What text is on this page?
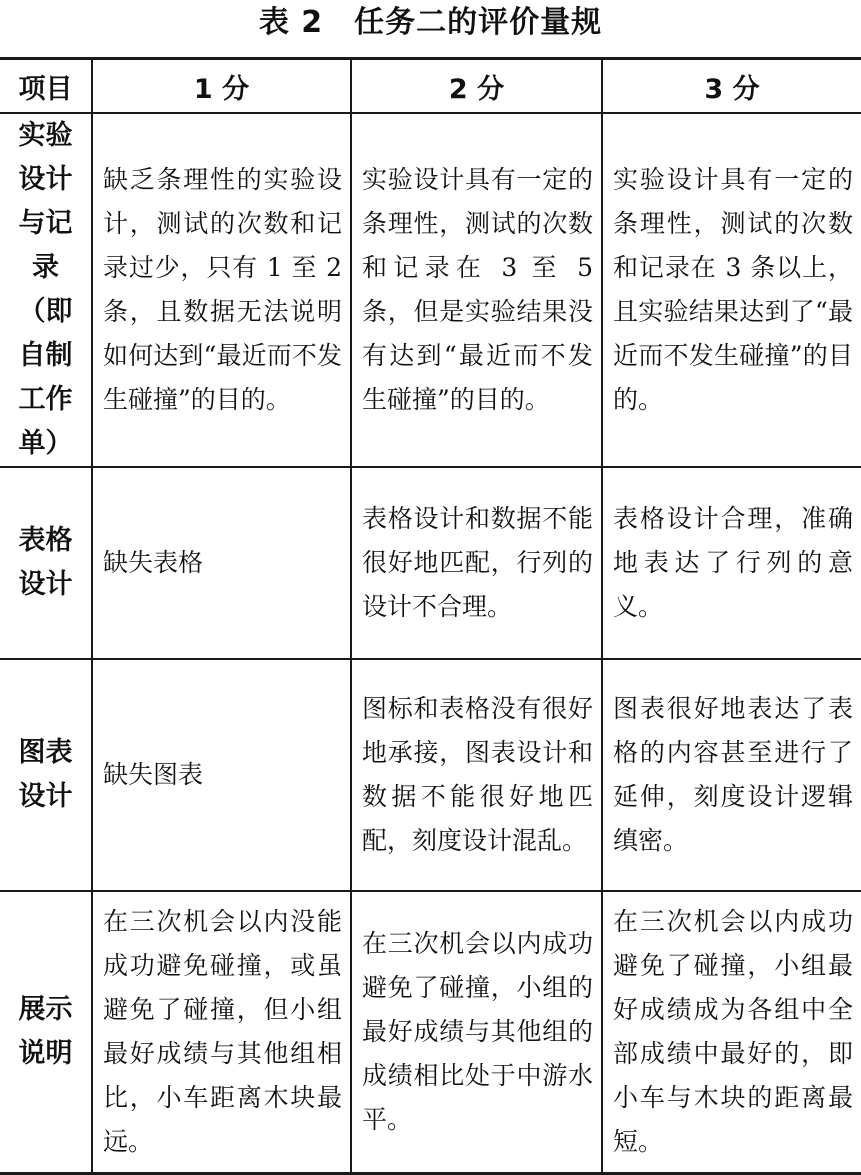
表 2　任务二的评价量规
项目	1 分	2 分	3 分
实验设计与记录（即自制工作单）	缺乏条理性的实验设计，测试的次数和记录过少，只有 1 至 2 条，且数据无法说明如何达到“最近而不发生碰撞”的目的。	实验设计具有一定的条理性，测试的次数和记录在 3 至 5 条，但是实验结果没有达到“最近而不发生碰撞”的目的。	实验设计具有一定的条理性，测试的次数和记录在 3 条以上，且实验结果达到了“最近而不发生碰撞”的目的。
表格设计	缺失表格	表格设计和数据不能很好地匹配，行列的设计不合理。	表格设计合理，准确地表达了行列的意义。
图表设计	缺失图表	图标和表格没有很好地承接，图表设计和数据不能很好地匹配，刻度设计混乱。	图表很好地表达了表格的内容甚至进行了延伸，刻度设计逻辑缜密。
展示说明	在三次机会以内没能成功避免碰撞，或虽避免了碰撞，但小组最好成绩与其他组相比，小车距离木块最远。	在三次机会以内成功避免了碰撞，小组的最好成绩与其他组的成绩相比处于中游水平。	在三次机会以内成功避免了碰撞，小组最好成绩成为各组中全部成绩中最好的，即小车与木块的距离最短。
